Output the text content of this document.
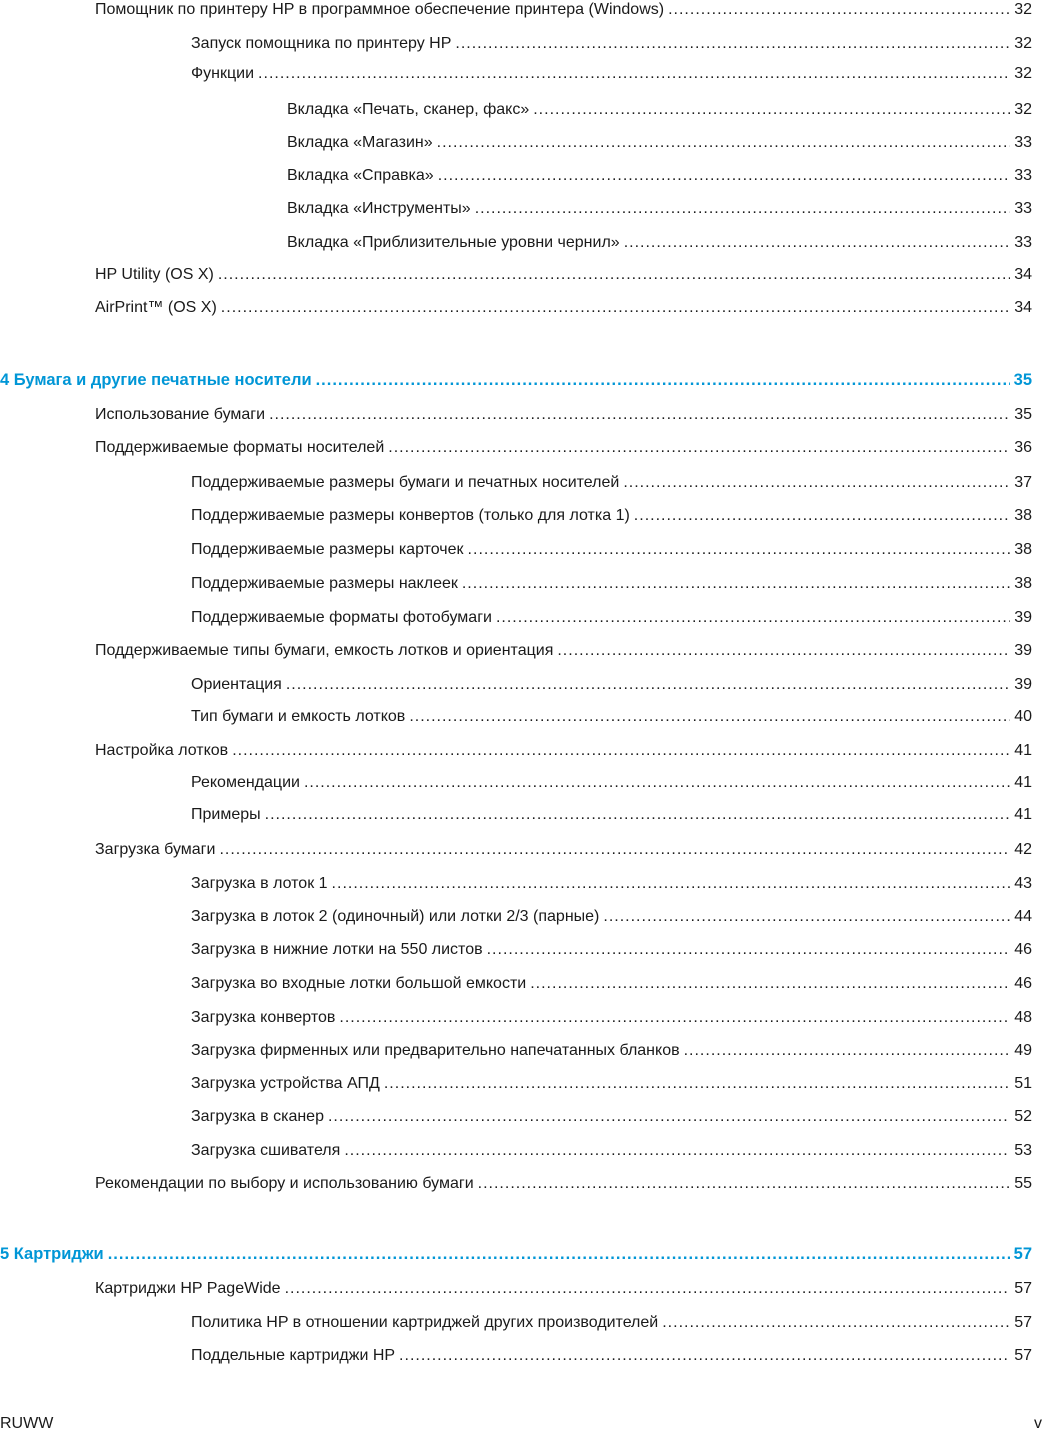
Помощник по принтеру HP в программное обеспечение принтера (Windows) .....	32
Запуск помощника по принтеру HP .....	32
Функции .....	32
Вкладка «Печать, сканер, факс» .....	32
Вкладка «Магазин» .....	33
Вкладка «Справка» .....	33
Вкладка «Инструменты» .....	33
Вкладка «Приблизительные уровни чернил» .....	33
HP Utility (OS X) .....	34
AirPrint™ (OS X) .....	34
4 Бумага и другие печатные носители .....	35
Использование бумаги .....	35
Поддерживаемые форматы носителей .....	36
Поддерживаемые размеры бумаги и печатных носителей .....	37
Поддерживаемые размеры конвертов (только для лотка 1) .....	38
Поддерживаемые размеры карточек .....	38
Поддерживаемые размеры наклеек .....	38
Поддерживаемые форматы фотобумаги .....	39
Поддерживаемые типы бумаги, емкость лотков и ориентация .....	39
Ориентация .....	39
Тип бумаги и емкость лотков .....	40
Настройка лотков .....	41
Рекомендации .....	41
Примеры .....	41
Загрузка бумаги .....	42
Загрузка в лоток 1 .....	43
Загрузка в лоток 2 (одиночный) или лотки 2/3 (парные) .....	44
Загрузка в нижние лотки на 550 листов .....	46
Загрузка во входные лотки большой емкости .....	46
Загрузка конвертов .....	48
Загрузка фирменных или предварительно напечатанных бланков .....	49
Загрузка устройства АПД .....	51
Загрузка в сканер .....	52
Загрузка сшивателя .....	53
Рекомендации по выбору и использованию бумаги .....	55
5 Картриджи .....	57
Картриджи HP PageWide .....	57
Политика HP в отношении картриджей других производителей .....	57
Поддельные картриджи HP .....	57
RUWW	v
